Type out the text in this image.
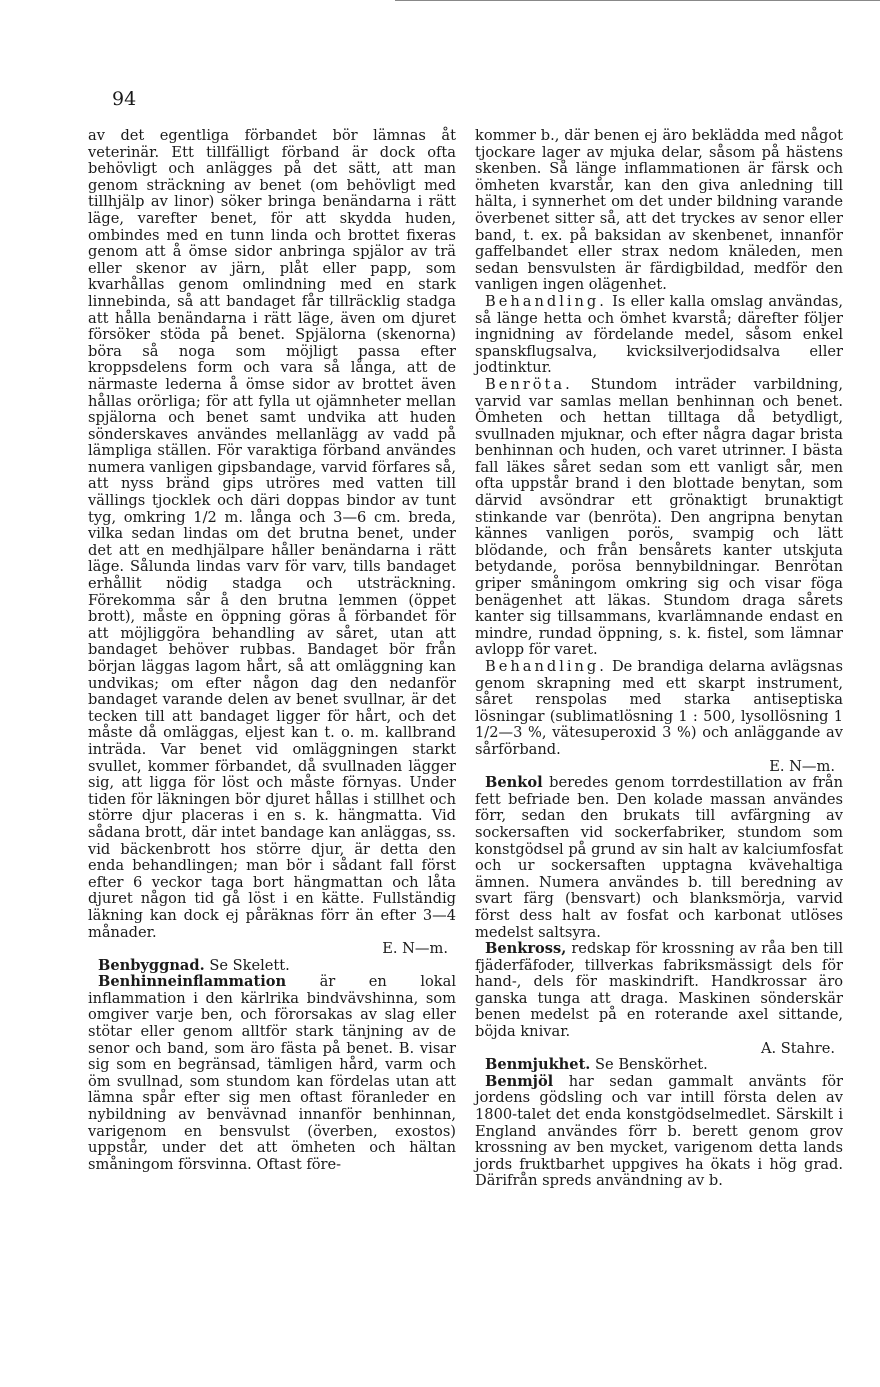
94

av det egentliga förbandet bör lämnas åt veterinär. Ett tillfälligt förband är dock ofta behövligt och anlägges på det sätt, att man genom sträckning av benet (om behövligt med tillhjälp av linor) söker bringa benändarna i rätt läge, varefter benet, för att skydda huden, ombindes med en tunn linda och brottet fixeras genom att å ömse sidor anbringa spjälor av trä eller skenor av järn, plåt eller papp, som kvarhållas genom omlindning med en stark linnebinda, så att bandaget får tillräcklig stadga att hålla benändarna i rätt läge, även om djuret försöker stöda på benet. Spjälorna (skenorna) böra så noga som möjligt passa efter kroppsdelens form och vara så långa, att de närmaste lederna å ömse sidor av brottet även hållas orörliga; för att fylla ut ojämnheter mellan spjälorna och benet samt undvika att huden sönderskaves användes mellanlägg av vadd på lämpliga ställen. För varaktiga förband användes numera vanligen gipsbandage, varvid förfares så, att nyss bränd gips utröres med vatten till vällings tjocklek och däri doppas bindor av tunt tyg, omkring 1/2 m. långa och 3—6 cm. breda, vilka sedan lindas om det brutna benet, under det att en medhjälpare håller benändarna i rätt läge. Sålunda lindas varv för varv, tills bandaget erhållit nödig stadga och utsträckning. Förekomma sår å den brutna lemmen (öppet brott), måste en öppning göras å förbandet för att möjliggöra behandling av såret, utan att bandaget behöver rubbas. Bandaget bör från början läggas lagom hårt, så att omläggning kan undvikas; om efter någon dag den nedanför bandaget varande delen av benet svullnar, är det tecken till att bandaget ligger för hårt, och det måste då omläggas, eljest kan t. o. m. kallbrand inträda. Var benet vid omläggningen starkt svullet, kommer förbandet, då svullnaden lägger sig, att ligga för löst och måste förnyas. Under tiden för läkningen bör djuret hållas i stillhet och större djur placeras i en s. k. hängmatta. Vid sådana brott, där intet bandage kan anläggas, ss. vid bäckenbrott hos större djur, är detta den enda behandlingen; man bör i sådant fall först efter 6 veckor taga bort hängmattan och låta djuret någon tid gå löst i en kätte. Fullständig läkning kan dock ej påräknas förr än efter 3—4 månader.
E. N—m.

Benbyggnad. Se Skelett.

Benhinneinflammation är en lokal inflammation i den kärlrika bindvävshinna, som omgiver varje ben, och förorsakas av slag eller stötar eller genom alltför stark tänjning av de senor och band, som äro fästa på benet. B. visar sig som en begränsad, tämligen hård, varm och öm svullnad, som stundom kan fördelas utan att lämna spår efter sig men oftast föranleder en nybildning av benvävnad innanför benhinnan, varigenom en bensvulst (överben, exostos) uppstår, under det att ömheten och hältan småningom försvinna. Oftast före-

kommer b., där benen ej äro beklädda med något tjockare lager av mjuka delar, såsom på hästens skenben. Så länge inflammationen är färsk och ömheten kvarstår, kan den giva anledning till hälta, i synnerhet om det under bildning varande överbenet sitter så, att det tryckes av senor eller band, t. ex. på baksidan av skenbenet, innanför gaffelbandet eller strax nedom knäleden, men sedan bensvulsten är färdigbildad, medför den vanligen ingen olägenhet.

Behandling. Is eller kalla omslag användas, så länge hetta och ömhet kvarstå; därefter följer ingnidning av fördelande medel, såsom enkel spanskflugsalva, kvicksilverjodidsalva eller jodtinktur.

Benröta. Stundom inträder varbildning, varvid var samlas mellan benhinnan och benet. Ömheten och hettan tilltaga då betydligt, svullnaden mjuknar, och efter några dagar brista benhinnan och huden, och varet utrinner. I bästa fall läkes såret sedan som ett vanligt sår, men ofta uppstår brand i den blottade benytan, som därvid avsöndrar ett grönaktigt brunaktigt stinkande var (benröta). Den angripna benytan kännes vanligen porös, svampig och lätt blödande, och från bensårets kanter utskjuta betydande, porösa bennybildningar. Benrötan griper småningom omkring sig och visar föga benägenhet att läkas. Stundom draga sårets kanter sig tillsammans, kvarlämnande endast en mindre, rundad öppning, s. k. fistel, som lämnar avlopp för varet.

Behandling. De brandiga delarna avlägsnas genom skrapning med ett skarpt instrument, såret renspolas med starka antiseptiska lösningar (sublimatlösning 1 : 500, lysollösning 1 1/2—3 %, vätesuperoxid 3 %) och anläggande av sårförband.
E. N—m.

Benkol beredes genom torrdestillation av från fett befriade ben. Den kolade massan användes förr, sedan den brukats till avfärgning av sockersaften vid sockerfabriker, stundom som konstgödsel på grund av sin halt av kalciumfosfat och ur sockersaften upptagna kvävehaltiga ämnen. Numera användes b. till beredning av svart färg (bensvart) och blanksmörja, varvid först dess halt av fosfat och karbonat utlöses medelst saltsyra.

Benkross, redskap för krossning av råa ben till fjäderfäfoder, tillverkas fabriksmässigt dels för hand-, dels för maskindrift. Handkrossar äro ganska tunga att draga. Maskinen sönderskär benen medelst på en roterande axel sittande, böjda knivar.
A. Stahre.

Benmjukhet. Se Benskörhet.

Benmjöl har sedan gammalt använts för jordens gödsling och var intill första delen av 1800-talet det enda konstgödselmedlet. Särskilt i England användes förr b. berett genom grov krossning av ben mycket, varigenom detta lands jords fruktbarhet uppgives ha ökats i hög grad. Därifrån spreds användning av b.
